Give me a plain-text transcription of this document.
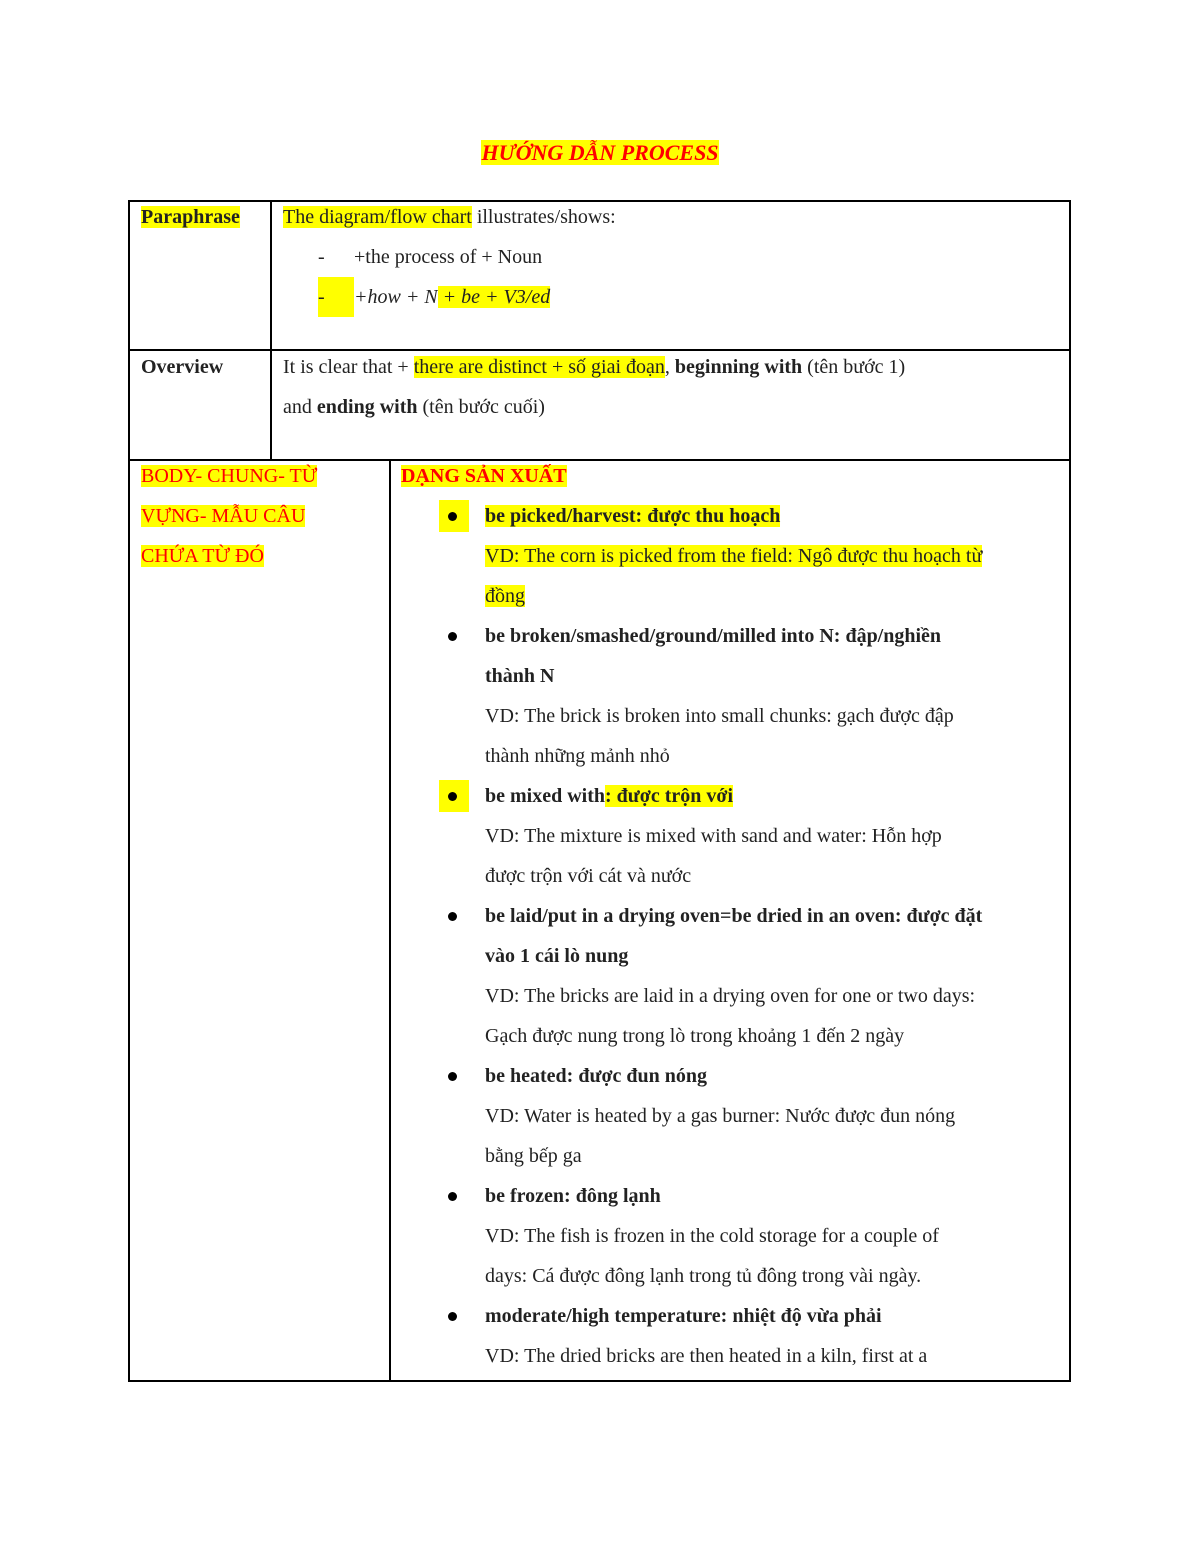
HƯỚNG DẪN PROCESS
Paraphrase The diagram/flow chart illustrates/shows:
- +the process of + Noun
- +how + N + be + V3/ed
Overview	It is clear that + there are distinct + số giai đoạn, beginning with (tên bước 1)
and ending with (tên bước cuối)
BODY- CHUNG- TỪ
VỰNG- MẪU CÂU
CHỨA TỪ ĐÓ
DẠNG SẢN XUẤT
be picked/harvest: được thu hoạch
VD: The corn is picked from the field: Ngô được thu hoạch từ
đồng
be broken/smashed/ground/milled into N: đập/nghiền
thành N
VD: The brick is broken into small chunks: gạch được đập
thành những mảnh nhỏ
be mixed with: được trộn với
VD: The mixture is mixed with sand and water: Hỗn hợp
được trộn với cát và nước
be laid/put in a drying oven=be dried in an oven: được đặt
vào 1 cái lò nung
VD: The bricks are laid in a drying oven for one or two days:
Gạch được nung trong lò trong khoảng 1 đến 2 ngày
be heated: được đun nóng
VD: Water is heated by a gas burner: Nước được đun nóng
bằng bếp ga
be frozen: đông lạnh
VD: The fish is frozen in the cold storage for a couple of
days: Cá được đông lạnh trong tủ đông trong vài ngày.
moderate/high temperature: nhiệt độ vừa phải
VD: The dried bricks are then heated in a kiln, first at a
